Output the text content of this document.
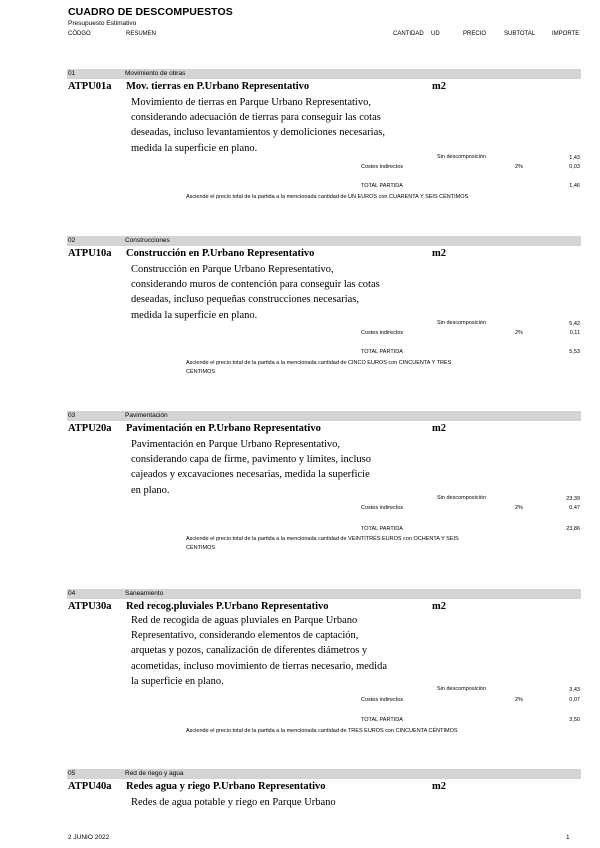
CUADRO DE DESCOMPUESTOS
Presupuesto Estimativo
CÓDGO	RESUMEN	CANTIDAD UD	PRECIO	SUBTOTAL	IMPORTE
01	Movimiento de obras
ATPU01a Mov. tierras en P.Urbano Representativo	m2
Movimiento de tierras en Parque Urbano Representativo,
considerando adecuación de tierras para conseguir las cotas
deseadas, incluso levantamientos y demoliciones necesarias,
medida la superficie en plano.
Sin descomposición	1,43
Costes indirectos	2%	0,03
TOTAL PARTIDA	1,46
Asciende el precio total de la partida a la mencionada cantidad de UN EUROS con CUARENTA Y SEIS CÉNTIMOS
02	Construcciones
ATPU10a Construcción en P.Urbano Representativo	m2
Construcción en Parque Urbano Representativo,
considerando muros de contención para conseguir las cotas
deseadas, incluso pequeñas construcciones necesarias,
medida la superficie en plano.
Sin descomposición	5,42
Costes indirectos	2%	0,11
TOTAL PARTIDA	5,53
Asciende el precio total de la partida a la mencionada cantidad de CINCO EUROS con CINCUENTA Y TRES
CÉNTIMOS
03	Pavimentación
ATPU20a Pavimentación en P.Urbano Representativo	m2
Pavimentación en Parque Urbano Representativo,
considerando capa de firme, pavimento y límites, incluso
cajeados y excavaciones necesarias, medida la superficie
en plano.
Sin descomposición	23,39
Costes indirectos	2%	0,47
TOTAL PARTIDA	23,86
Asciende el precio total de la partida a la mencionada cantidad de VEINTITRÉS EUROS con OCHENTA Y SEIS
CÉNTIMOS
04	Saneamiento
ATPU30a Red recog.pluviales P.Urbano Representativo	m2
Red de recogida de aguas pluviales en Parque Urbano
Representativo, considerando elementos de captación,
arquetas y pozos, canalización de diferentes diámetros y
acometidas, incluso movimiento de tierras necesario, medida
la superficie en plano.
Sin descomposición	3,43
Costes indirectos	2%	0,07
TOTAL PARTIDA	3,50
Asciende el precio total de la partida a la mencionada cantidad de TRES EUROS con CINCUENTA CÉNTIMOS
05	Red de riego y agua
ATPU40a Redes agua y riego P.Urbano Representativo	m2
Redes de agua potable y riego en Parque Urbano
2 JUNIO 2022	1
